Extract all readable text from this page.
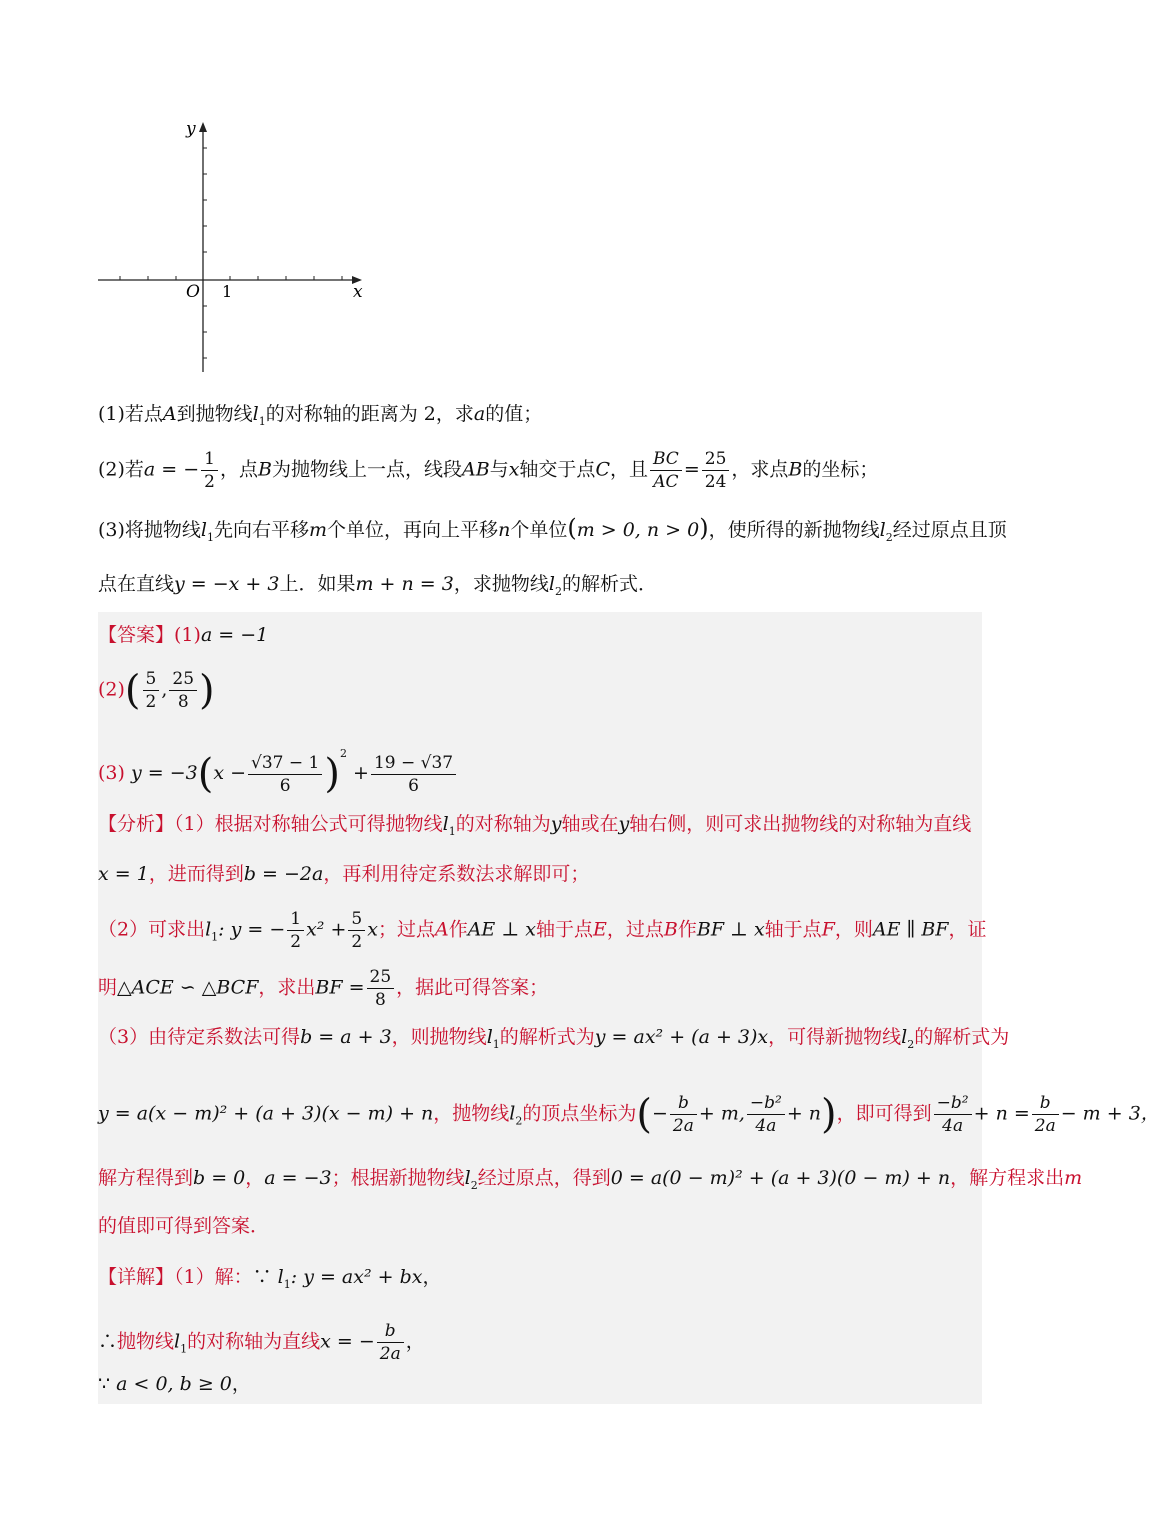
y
x
O 1
(1)若点A到抛物线$l_1$的对称轴的距离为 2，求a的值；
(2)若a = − $\frac{1}{2}$ ，点B为抛物线上一点，线段AB与x轴交于点C，且 $\frac{BC}{AC} = \frac{25}{24}$ ，求点B的坐标；
(3)将抛物线$l_1$先向右平移m个单位，再向上平移n个单位(m > 0, n > 0)，使所得的新抛物线$l_2$经过原点且顶
点在直线y = −x + 3上．如果m + n = 3，求抛物线$l_2$的解析式．
【答案】(1)a = −1
$(2)( \frac{5}{2}$ , $\frac{25}{8}$ )
(3) $y = -3(x - \frac{√37 - 1}{6} )^2 + \frac{19 - √37}{6}$
【分析】（1）根据对称轴公式可得抛物线$l_1$的对称轴为y轴或在y轴右侧，则可求出抛物线的对称轴为直线
x = 1，进而得到b = −2a，再利用待定系数法求解即可；
（2）可求出$l_1$: y = − $\frac{1}{2} x^2 + \frac{5}{2}$ x；过点A作AE ⊥ x轴于点E，过点B作BF ⊥ x轴于点F，则AE ∥ BF，证
明△ACE ∽ △BCF，求出BF = $\frac{25}{8}$ ，据此可得答案；
（3）由待定系数法可得b = a + 3，则抛物线$l_1$的解析式为y = ax² + (a + 3)x，可得新抛物线$l_2$的解析式为
y = a(x − m)² + (a + 3)(x − m) + n，抛物线$l_2$的顶点坐标为(− $\frac{b}{2a} + m$, $\frac{\text{−b²}}{4a} + n$)，即可得到 $\frac{\text{−b²}}{4a} + n = \frac{b}{2a} - m + 3$，
解方程得到b = 0，a = −3；根据新抛物线$l_2$经过原点，得到0 = a(0 − m)² + (a + 3)(0 − m) + n，解方程求出m
的值即可得到答案．
【详解】（1）解：∵ $l_1$: y = ax² + bx，
∴抛物线$l_1$的对称轴为直线x = − $\frac{b}{2a}$ ，
∵ a < 0, b ≥ 0，
